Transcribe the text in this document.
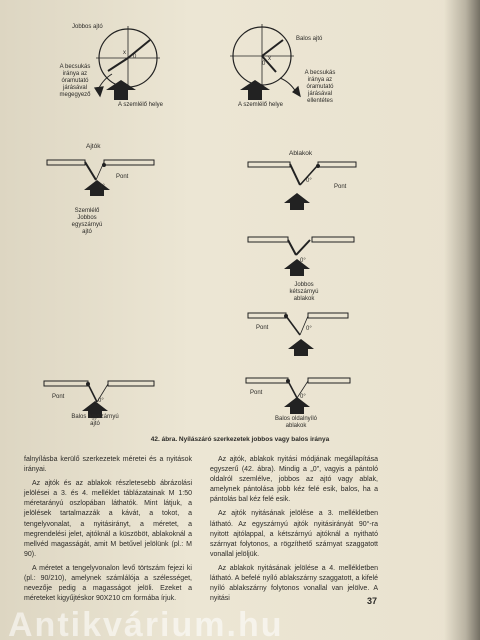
Jobbos ajtó
x
0
A becsukás iránya az óramutató járásával megegyező
A szemlélő helye
Balos ajtó
x
0
A becsukás iránya az óramutató járásával ellentétes
A szemlélő helye
Ajtók
Ablakok
Pont
0°
Szemlélő Jobbos egyszárnyú ajtó
Pont
0°
0°
Jobbos kétszárnyú ablakok
Pont	0°
Pont
0°
Balos egyszárnyú ajtó
Pont
0°
Balos oldalnyíló ablakok
42. ábra. Nyílászáró szerkezetek jobbos vagy balos iránya

falnyílásba kerülő szerkezetek méretei és a nyitások irányai.

Az ajtók és az ablakok részletesebb ábrázolási jelölései a 3. és 4. melléklet táblázatainak M 1:50 méretarányú oszlopában láthatók. Mint látjuk, a jelölések tartalmazzák a kávát, a tokot, a tengelyvonalat, a nyitásirányt, a méretet, a megrendelési jelet, ajtóknál a küszöböt, ablakoknál a mellvéd magasságát, amit M betűvel jelölünk (pl.: M 90).

A méretet a tengelyvonalon levő törtszám fejezi ki (pl.: 90/210), amelynek számlálója a szélességet, nevezője pedig a magasságot jelöli. Ezeket a méreteket kigyűjtéskor 90X210 cm formába írjuk.

Az ajtók, ablakok nyitási módjának megállapítása egyszerű (42. ábra). Mindig a „0", vagyis a pántoló oldalról szemlélve, jobbos az ajtó vagy ablak, amelynek pántolása jobb kéz felé esik, balos, ha a pántolás bal kéz felé esik.

Az ajtók nyitásának jelölése a 3. mellékletben látható. Az egyszárnyú ajtók nyitásirányát 90°-ra nyitott ajtólappal, a kétszárnyú ajtóknál a nyitható szárnyat folytonos, a rögzíthető szárnyat szaggatott vonallal jelöljük.

Az ablakok nyitásának jelölése a 4. mellékletben látható. A befelé nyíló ablakszárny szaggatott, a kifelé nyíló ablakszárny folytonos vonallal van jelölve. A nyitási	37
Antikvárium.hu
